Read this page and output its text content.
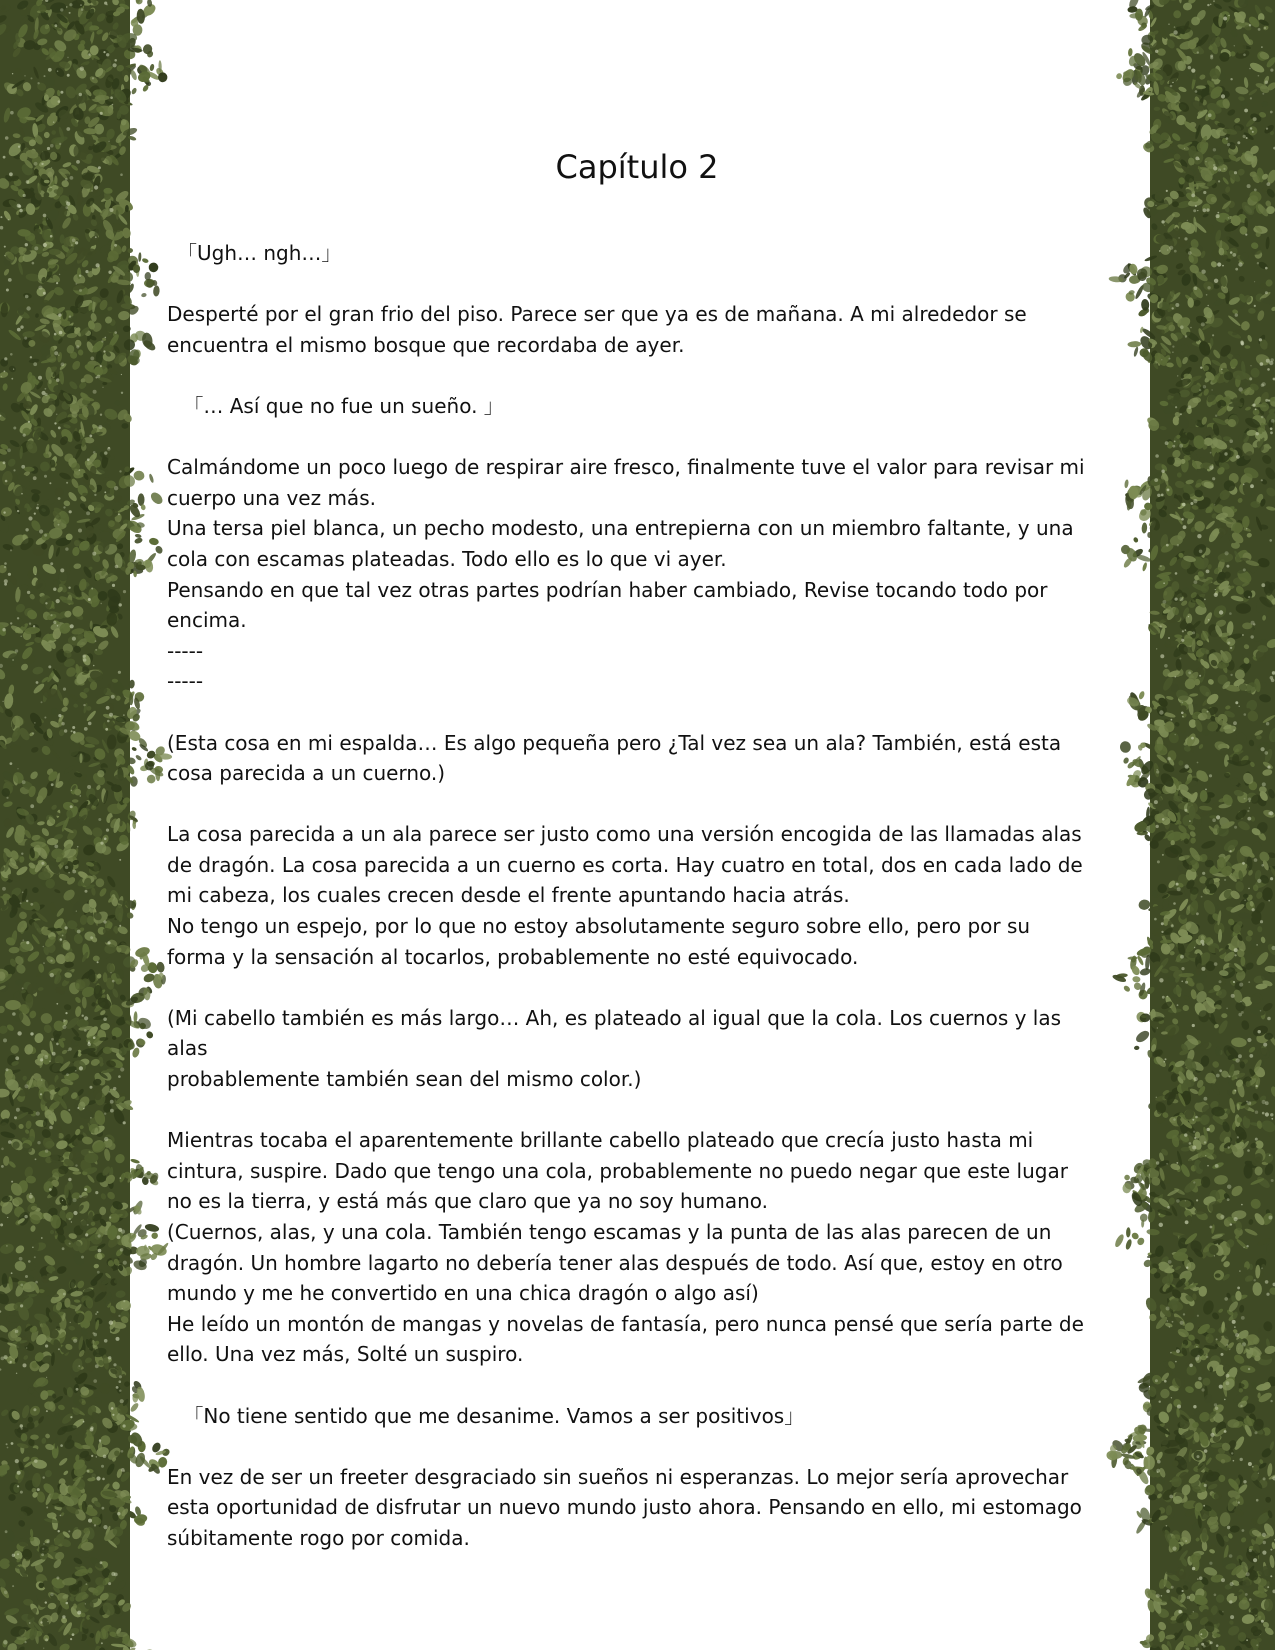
Capítulo 2

「Ugh… ngh…」

Desperté por el gran frio del piso. Parece ser que ya es de mañana. A mi alrededor se
encuentra el mismo bosque que recordaba de ayer.

「… Así que no fue un sueño. 」

Calmándome un poco luego de respirar aire fresco, finalmente tuve el valor para revisar mi
cuerpo una vez más.
Una tersa piel blanca, un pecho modesto, una entrepierna con un miembro faltante, y una
cola con escamas plateadas. Todo ello es lo que vi ayer.
Pensando en que tal vez otras partes podrían haber cambiado, Revise tocando todo por
encima.
-----
-----

(Esta cosa en mi espalda… Es algo pequeña pero ¿Tal vez sea un ala? También, está esta
cosa parecida a un cuerno.)

La cosa parecida a un ala parece ser justo como una versión encogida de las llamadas alas
de dragón. La cosa parecida a un cuerno es corta. Hay cuatro en total, dos en cada lado de
mi cabeza, los cuales crecen desde el frente apuntando hacia atrás.
No tengo un espejo, por lo que no estoy absolutamente seguro sobre ello, pero por su
forma y la sensación al tocarlos, probablemente no esté equivocado.

(Mi cabello también es más largo… Ah, es plateado al igual que la cola. Los cuernos y las alas
probablemente también sean del mismo color.)

Mientras tocaba el aparentemente brillante cabello plateado que crecía justo hasta mi
cintura, suspire. Dado que tengo una cola, probablemente no puedo negar que este lugar
no es la tierra, y está más que claro que ya no soy humano.
(Cuernos, alas, y una cola. También tengo escamas y la punta de las alas parecen de un
dragón. Un hombre lagarto no debería tener alas después de todo. Así que, estoy en otro
mundo y me he convertido en una chica dragón o algo así)
He leído un montón de mangas y novelas de fantasía, pero nunca pensé que sería parte de
ello. Una vez más, Solté un suspiro.

「No tiene sentido que me desanime. Vamos a ser positivos」

En vez de ser un freeter desgraciado sin sueños ni esperanzas. Lo mejor sería aprovechar
esta oportunidad de disfrutar un nuevo mundo justo ahora. Pensando en ello, mi estomago
súbitamente rogo por comida.
